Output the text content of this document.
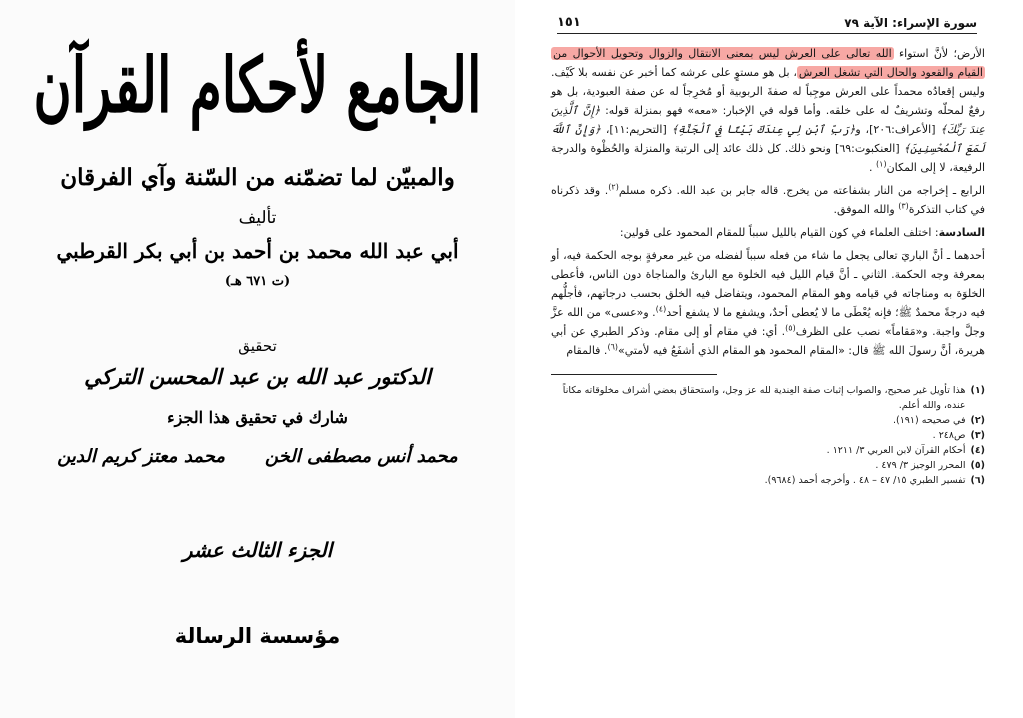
الجامع لأحكام القرآن
والمبيّن لما تضمّنه من السّنة وآي الفرقان
تأليف
أبي عبد الله محمد بن أحمد بن أبي بكر القرطبي
(ت ٦٧١ هـ)
تحقيق
الدكتور عبد الله بن عبد المحسن التركي
شارك في تحقيق هذا الجزء
محمد أنس مصطفى الخن
محمد معتز كريم الدين
الجزء الثالث عشر
مؤسسة الرسالة
سورة الإسراء: الآية ٧٩
١٥١

الأرض؛ لأنَّ استواء الله تعالى على العرش ليس بمعنى الانتقال والزوال وتحويل الأحوال من القيام والقعود والحال التي تشغل العرش، بل هو مستوٍ على عرشه كما أخبر عن نفسه بلا كَيْف. وليس إقعادُه محمداً على العرش موجِباً له صفةَ الربوبية أو مُخرِجاً له عن صفة العبودية، بل هو رفعٌ لمحلّه وتشريفٌ له على خلقه. وأما قوله في الإخبار: «معه» فهو بمنزلة قوله: ﴿إِنَّ ٱلَّذِينَ عِندَ رَبِّكَ﴾ [الأعراف:٢٠٦]، و﴿رَبِّ ٱبْنِ لِي عِندَكَ بَيْتًا فِي ٱلْجَنَّةِ﴾ [التحريم:١١]، ﴿وَإِنَّ ٱللَّهَ لَمَعَ ٱلْمُحْسِنِينَ﴾ [العنكبوت:٦٩] ونحو ذلك. كل ذلك عائد إلى الرتبة والمنزلة والحُظْوة والدرجة الرفيعة، لا إلى المكان$^{(١)}$ .

الرابع ـ إخراجه من النار بشفاعته من يخرج. قاله جابر بن عبد الله. ذكره مسلم$^{(٢)}$. وقد ذكرناه في كتاب التذكرة$^{(٣)}$ والله الموفق.

السادسة: اختلف العلماء في كون القيام بالليل سبباً للمقام المحمود على قولين:

أحدهما ـ أنَّ الباريَ تعالى يجعل ما شاء من فعله سبباً لفضله من غير معرفةٍ بوجه الحكمة فيه، أو بمعرفة وجه الحكمة. الثاني ـ أنَّ قيام الليل فيه الخلوة مع البارئ والمناجاة دون الناس، فأعطى الخلوَة به ومناجاته في قيامه وهو المقام المحمود، ويتفاضل فيه الخلق بحسب درجاتهم، فأجلُّهم فيه درجةً محمدٌ ﷺ؛ فإنه يُعْطَى ما لا يُعطى أحدٌ، ويشفع ما لا يشفع أحد$^{(٤)}$. و«عسى» من الله عزَّ وجلَّ واجبة. و«مَقاماً» نصب على الظرف$^{(٥)}$. أي: في مقام أو إلى مقام. وذكر الطبري عن أبي هريرة، أنَّ رسولَ الله ﷺ قال: «المقام المحمود هو المقام الذي أشفَعُ فيه لأمتي»$^{(٦)}$. فالمقام

(١)
هذا تأويل غير صحيح، والصواب إثبات صفة العِندية لله عز وجل، واستحقاق بعضي أشراف مخلوقاته مكاناً عنده، والله أعلم.
(٢)
في صحيحه (١٩١).
(٣)
ص٢٤٨ .
(٤)
أحكام القرآن لابن العربي ٣/ ١٢١١ .
(٥)
المحرر الوجيز ٣/ ٤٧٩ .
(٦)
تفسير الطبري ١٥/ ٤٧ – ٤٨ . وأخرجه أحمد (٩٦٨٤).
